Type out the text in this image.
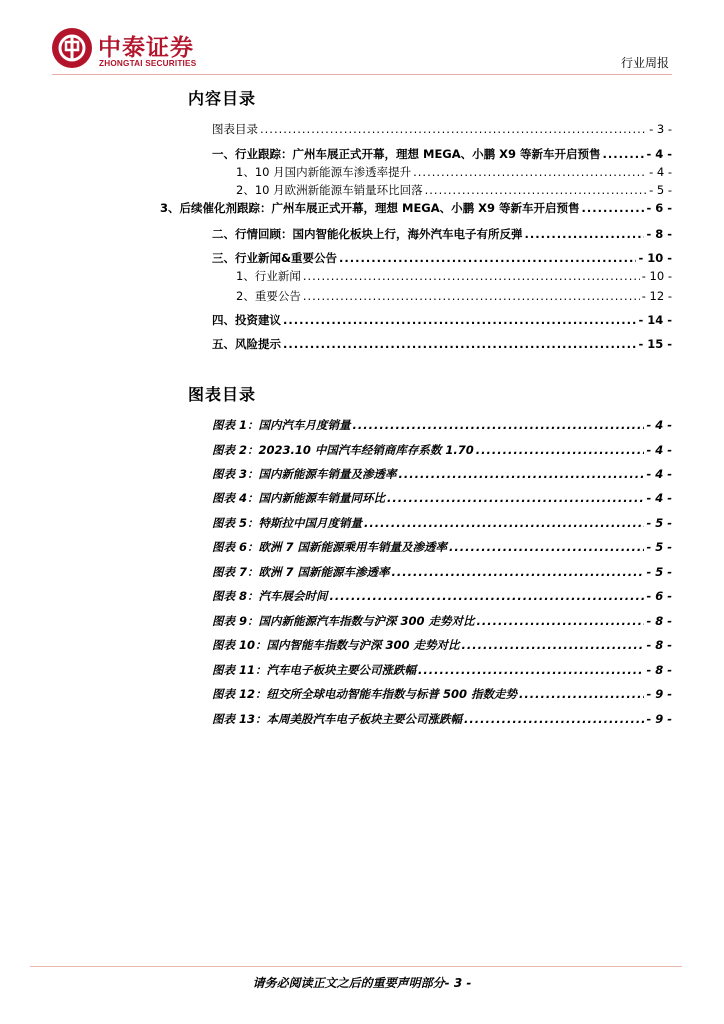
中泰证券
ZHONGTAI SECURITIES	行业周报
内容目录
图表目录 .....	- 3 -
一、行业跟踪：广州车展正式开幕，理想 MEGA、小鹏 X9 等新车开启预售 .....	- 4 -
1、10 月国内新能源车渗透率提升 .....	- 4 -
2、10 月欧洲新能源车销量环比回落 .....	- 5 -
3、后续催化剂跟踪：广州车展正式开幕，理想 MEGA、小鹏 X9 等新车开启预售 .....	- 6 -
二、行情回顾：国内智能化板块上行，海外汽车电子有所反弹 .....	- 8 -
三、行业新闻&重要公告 .....	- 10 -
1、行业新闻 .....	- 10 -
2、重要公告 .....	- 12 -
四、投资建议 .....	- 14 -
五、风险提示 .....	- 15 -
图表目录
图表 1：国内汽车月度销量 .....	- 4 -
图表 2：2023.10 中国汽车经销商库存系数 1.70 .....	- 4 -
图表 3：国内新能源车销量及渗透率 .....	- 4 -
图表 4：国内新能源车销量同环比 .....	- 4 -
图表 5：特斯拉中国月度销量 .....	- 5 -
图表 6：欧洲 7 国新能源乘用车销量及渗透率 .....	- 5 -
图表 7：欧洲 7 国新能源车渗透率 .....	- 5 -
图表 8：汽车展会时间 .....	- 6 -
图表 9：国内新能源汽车指数与沪深 300 走势对比 .....	- 8 -
图表 10：国内智能车指数与沪深 300 走势对比 .....	- 8 -
图表 11：汽车电子板块主要公司涨跌幅 .....	- 8 -
图表 12：纽交所全球电动智能车指数与标普 500 指数走势 .....	- 9 -
图表 13：本周美股汽车电子板块主要公司涨跌幅 .....	- 9 -
请务必阅读正文之后的重要声明部分- 3 -
